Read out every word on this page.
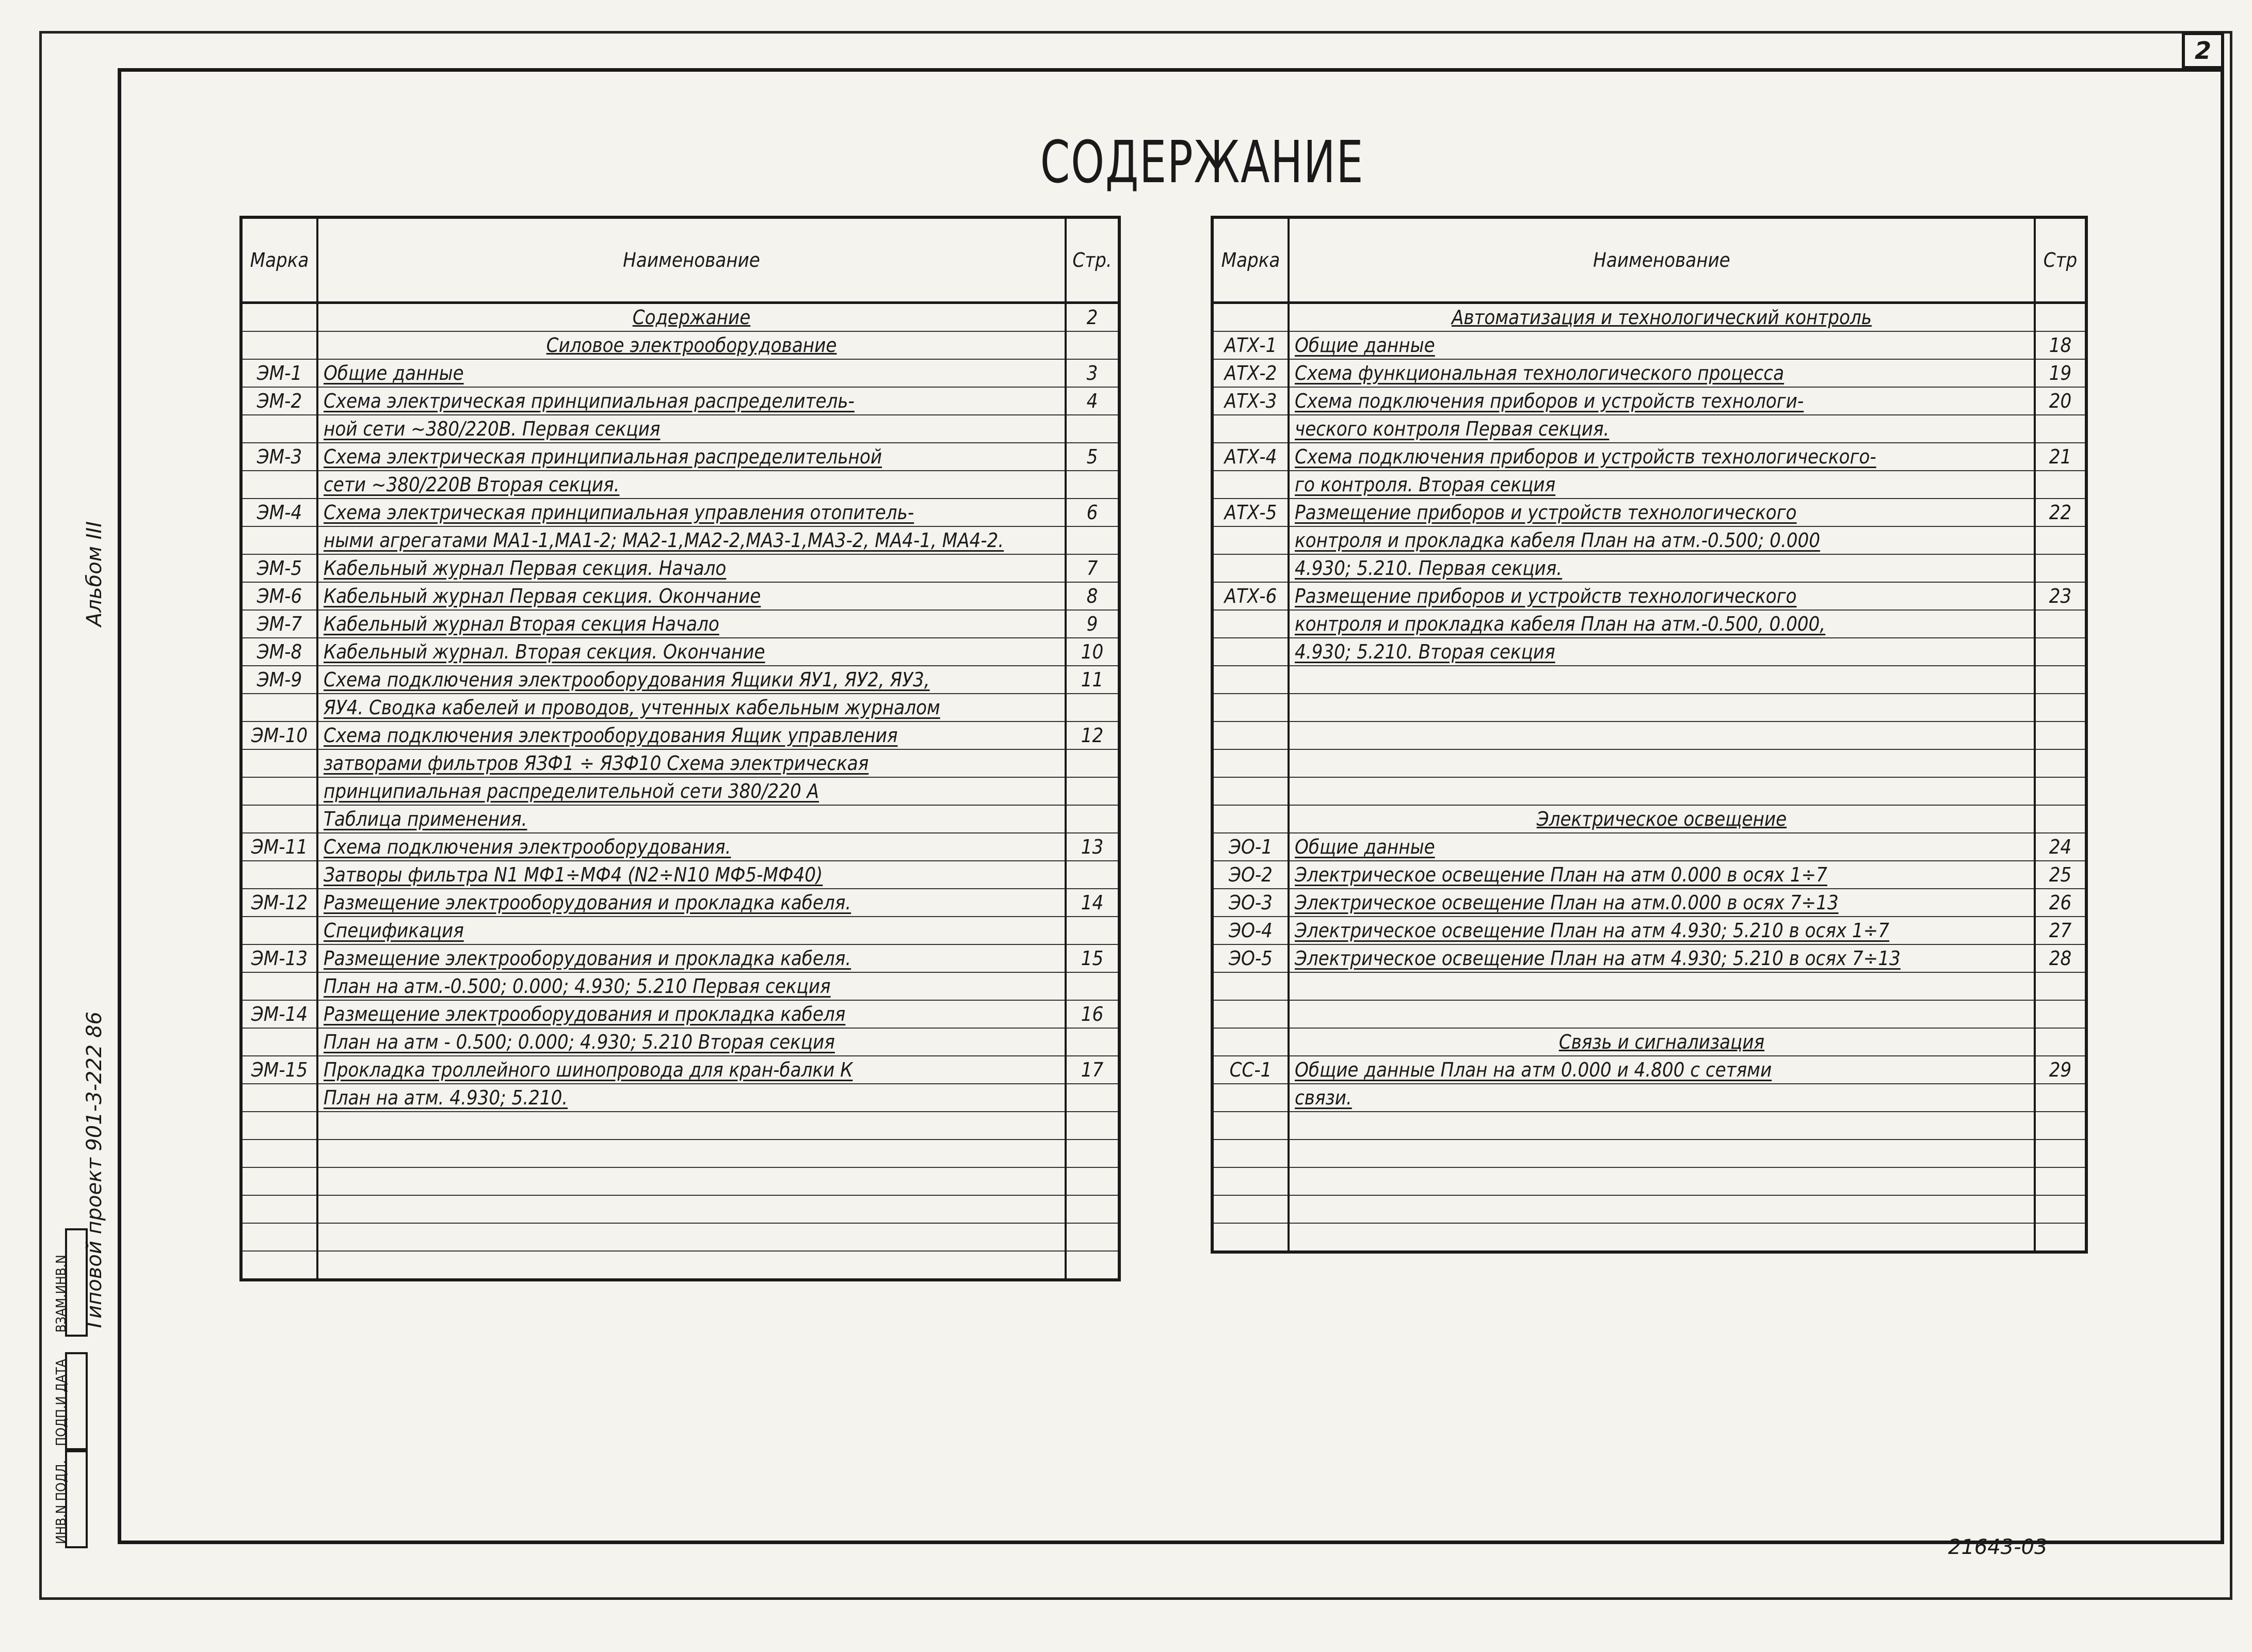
2
СОДЕРЖАНИЕ
Альбом III
Типовой проект 901-3-222 86
ВЗАМ.ИНВ.N
ПОДП.И ДАТА
ИНВ.N ПОДЛ.
Марка	Наименование	Стр.
	Содержание	2
	Силовое электрооборудование	
ЭМ-1	Общие данные	3
ЭМ-2	Схема электрическая принципиальная распределитель-	4
	ной сети ~380/220В. Первая секция	
ЭМ-3	Схема электрическая принципиальная распределительной	5
	сети ~380/220В Вторая секция.	
ЭМ-4	Схема электрическая принципиальная управления отопитель-	6
	ными агрегатами МА1-1,МА1-2; МА2-1,МА2-2,МА3-1,МА3-2, МА4-1, МА4-2.	
ЭМ-5	Кабельный журнал Первая секция. Начало	7
ЭМ-6	Кабельный журнал Первая секция. Окончание	8
ЭМ-7	Кабельный журнал Вторая секция Начало	9
ЭМ-8	Кабельный журнал. Вторая секция. Окончание	10
ЭМ-9	Схема подключения электрооборудования Ящики ЯУ1, ЯУ2, ЯУ3,	11
	ЯУ4. Сводка кабелей и проводов, учтенных кабельным журналом	
ЭМ-10	Схема подключения электрооборудования Ящик управления	12
	затворами фильтров ЯЗФ1 ÷ ЯЗФ10 Схема электрическая	
	принципиальная распределительной сети 380/220 А	
	Таблица применения.	
ЭМ-11	Схема подключения электрооборудования.	13
	Затворы фильтра N1 МФ1÷МФ4 (N2÷N10 МФ5-МФ40)	
ЭМ-12	Размещение электрооборудования и прокладка кабеля.	14
	Спецификация	
ЭМ-13	Размещение электрооборудования и прокладка кабеля.	15
	План на атм.-0.500; 0.000; 4.930; 5.210 Первая секция	
ЭМ-14	Размещение электрооборудования и прокладка кабеля	16
	План на атм - 0.500; 0.000; 4.930; 5.210 Вторая секция	
ЭМ-15	Прокладка троллейного шинопровода для кран-балки К	17
	План на атм. 4.930; 5.210.	

Марка	Наименование	Стр
	Автоматизация и технологический контроль	
АТХ-1	Общие данные	18
АТХ-2	Схема функциональная технологического процесса	19
АТХ-3	Схема подключения приборов и устройств технологи-	20
	ческого контроля Первая секция.	
АТХ-4	Схема подключения приборов и устройств технологического-	21
	го контроля. Вторая секция	
АТХ-5	Размещение приборов и устройств технологического	22
	контроля и прокладка кабеля План на атм.-0.500; 0.000	
	4.930; 5.210. Первая секция.	
АТХ-6	Размещение приборов и устройств технологического	23
	контроля и прокладка кабеля План на атм.-0.500, 0.000,	
	4.930; 5.210. Вторая секция	

	Электрическое освещение	
ЭО-1	Общие данные	24
ЭО-2	Электрическое освещение План на атм 0.000 в осях 1÷7	25
ЭО-3	Электрическое освещение План на атм.0.000 в осях 7÷13	26
ЭО-4	Электрическое освещение План на атм 4.930; 5.210 в осях 1÷7	27
ЭО-5	Электрическое освещение План на атм 4.930; 5.210 в осях 7÷13	28

	Связь и сигнализация	
СС-1	Общие данные План на атм 0.000 и 4.800 с сетями	29
	связи.	

21643-03
